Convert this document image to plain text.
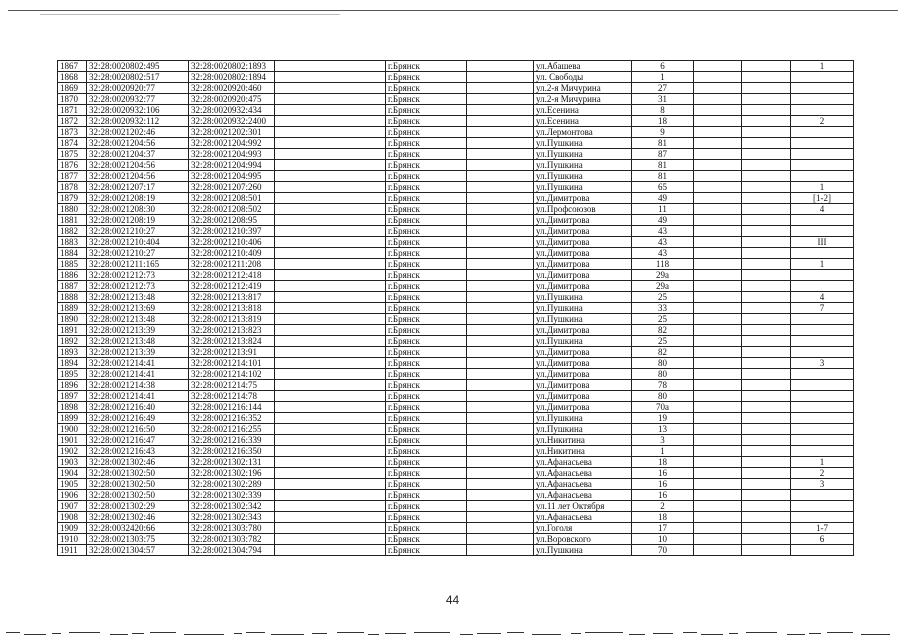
1867	32:28:0020802:495	32:28:0020802:1893		г.Брянск		ул.Абашева	6			1
1868	32:28:0020802:517	32:28:0020802:1894		г.Брянск		ул. Свободы	1			
1869	32:28:0020920:77	32:28:0020920:460		г.Брянск		ул.2-я Мичурина	27			
1870	32:28:0020932:77	32:28:0020920:475		г.Брянск		ул.2-я Мичурина	31			
1871	32:28:0020932:106	32:28:0020932:434		г.Брянск		ул.Есенина	8			
1872	32:28:0020932:112	32:28:0020932:2400		г.Брянск		ул.Есенина	18			2
1873	32:28:0021202:46	32:28:0021202:301		г.Брянск		ул.Лермонтова	9			
1874	32:28:0021204:56	32:28:0021204:992		г.Брянск		ул.Пушкина	81			
1875	32:28:0021204:37	32:28:0021204:993		г.Брянск		ул.Пушкина	87			
1876	32:28:0021204:56	32:28:0021204:994		г.Брянск		ул.Пушкина	81			
1877	32:28:0021204:56	32:28:0021204:995		г.Брянск		ул.Пушкина	81			
1878	32:28:0021207:17	32:28:0021207:260		г.Брянск		ул.Пушкина	65			1
1879	32:28:0021208:19	32:28:0021208:501		г.Брянск		ул.Димитрова	49			[1-2]
1880	32:28:0021208:30	32:28:0021208:502		г.Брянск		ул.Профсоюзов	11			4
1881	32:28:0021208:19	32:28:0021208:95		г.Брянск		ул.Димитрова	49			
1882	32:28:0021210:27	32:28:0021210:397		г.Брянск		ул.Димитрова	43			
1883	32:28:0021210:404	32:28:0021210:406		г.Брянск		ул.Димитрова	43			III
1884	32:28:0021210:27	32:28:0021210:409		г.Брянск		ул.Димитрова	43			
1885	32:28:0021211:165	32:28:0021211:208		г.Брянск		ул.Димитрова	118			1
1886	32:28:0021212:73	32:28:0021212:418		г.Брянск		ул.Димитрова	29а			
1887	32:28:0021212:73	32:28:0021212:419		г.Брянск		ул.Димитрова	29а			
1888	32:28:0021213:48	32:28:0021213:817		г.Брянск		ул.Пушкина	25			4
1889	32:28:0021213:69	32:28:0021213:818		г.Брянск		ул.Пушкина	33			7
1890	32:28:0021213:48	32:28:0021213:819		г.Брянск		ул.Пушкина	25			
1891	32:28:0021213:39	32:28:0021213:823		г.Брянск		ул.Димитрова	82			
1892	32:28:0021213:48	32:28:0021213:824		г.Брянск		ул.Пушкина	25			
1893	32:28:0021213:39	32:28:0021213:91		г.Брянск		ул.Димитрова	82			
1894	32:28:0021214:41	32:28:0021214:101		г.Брянск		ул.Димитрова	80			3
1895	32:28:0021214:41	32:28:0021214:102		г.Брянск		ул.Димитрова	80			
1896	32:28:0021214:38	32:28:0021214:75		г.Брянск		ул.Димитрова	78			
1897	32:28:0021214:41	32:28:0021214:78		г.Брянск		ул.Димитрова	80			
1898	32:28:0021216:40	32:28:0021216:144		г.Брянск		ул.Димитрова	70а			
1899	32:28:0021216:49	32:28:0021216:352		г.Брянск		ул.Пушкина	19			
1900	32:28:0021216:50	32:28:0021216:255		г.Брянск		ул.Пушкина	13			
1901	32:28:0021216:47	32:28:0021216:339		г.Брянск		ул.Никитина	3			
1902	32:28:0021216:43	32:28:0021216:350		г.Брянск		ул.Никитина	1			
1903	32:28:0021302:46	32:28:0021302:131		г.Брянск		ул.Афанасьева	18			1
1904	32:28:0021302:50	32:28:0021302:196		г.Брянск		ул.Афанасьева	16			2
1905	32:28:0021302:50	32:28:0021302:289		г.Брянск		ул.Афанасьева	16			3
1906	32:28:0021302:50	32:28:0021302:339		г.Брянск		ул.Афанасьева	16			
1907	32:28:0021302:29	32:28:0021302:342		г.Брянск		ул.11 лет Октября	2			
1908	32:28:0021302:46	32:28:0021302:343		г.Брянск		ул.Афанасьева	18			
1909	32:28:0032420:66	32:28:0021303:780		г.Брянск		ул.Гоголя	17			1-7
1910	32:28:0021303:75	32:28:0021303:782		г.Брянск		ул.Воровского	10			6
1911	32:28:0021304:57	32:28:0021304:794		г.Брянск		ул.Пушкина	70			
44
